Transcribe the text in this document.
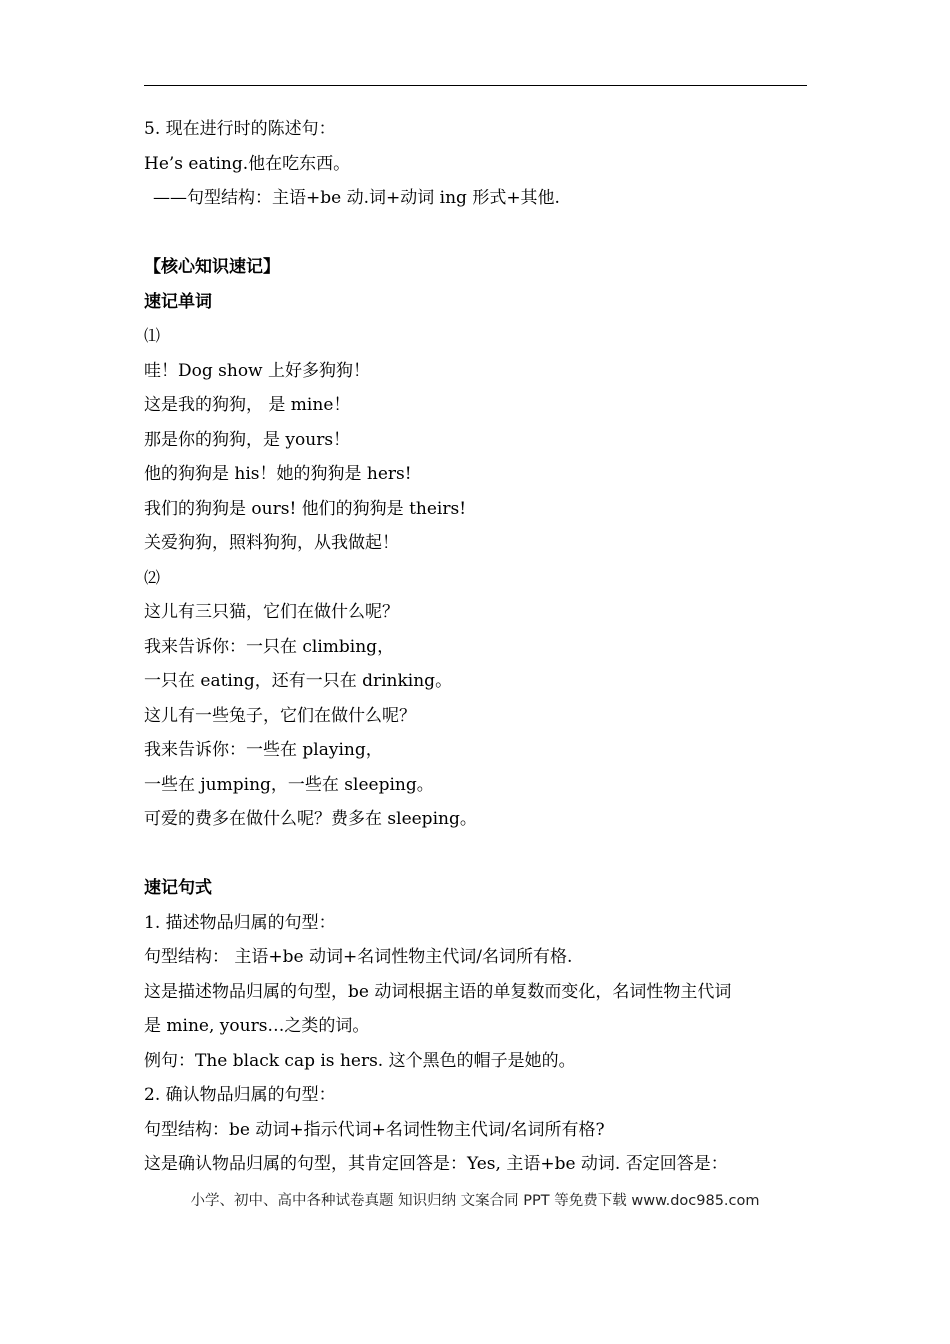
5. 现在进行时的陈述句：
He’s eating.他在吃东西。
——句型结构：主语+be 动.词+动词 ing 形式+其他.
【核心知识速记】
速记单词
⑴
哇！Dog show 上好多狗狗！
这是我的狗狗， 是 mine！
那是你的狗狗，是 yours！
他的狗狗是 his！她的狗狗是 hers!
我们的狗狗是 ours! 他们的狗狗是 theirs!
关爱狗狗，照料狗狗，从我做起！
⑵
这儿有三只猫，它们在做什么呢？
我来告诉你：一只在 climbing，
一只在 eating，还有一只在 drinking。
这儿有一些兔子，它们在做什么呢？
我来告诉你：一些在 playing，
一些在 jumping，一些在 sleeping。
可爱的费多在做什么呢？费多在 sleeping。
速记句式
1. 描述物品归属的句型：
句型结构： 主语+be 动词+名词性物主代词/名词所有格.
这是描述物品归属的句型，be 动词根据主语的单复数而变化，名词性物主代词
是 mine, yours…之类的词。
例句：The black cap is hers. 这个黑色的帽子是她的。
2. 确认物品归属的句型：
句型结构：be 动词+指示代词+名词性物主代词/名词所有格?
这是确认物品归属的句型，其肯定回答是：Yes, 主语+be 动词. 否定回答是：
小学、初中、高中各种试卷真题 知识归纳 文案合同 PPT 等免费下载 www.doc985.com
